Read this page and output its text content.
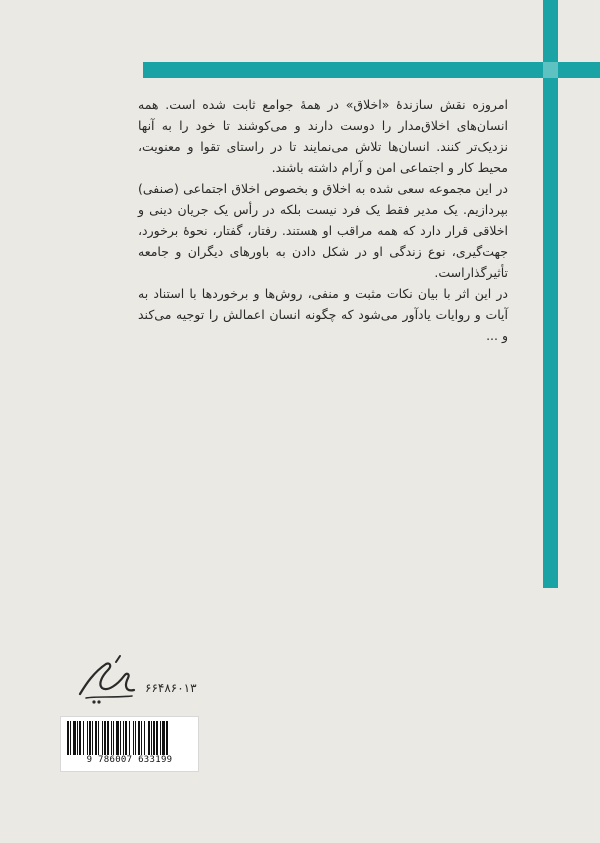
امروزه نقش سازندۀ «اخلاق» در همۀ جوامع ثابت شده است. همه انسان‌های اخلاق‌مدار را دوست دارند و می‌کوشند تا خود را به آنها نزدیک‌تر کنند. انسان‌ها تلاش می‌نمایند تا در راستای تقوا و معنویت، محیط کار و اجتماعی امن و آرام داشته باشند.

در این مجموعه سعی شده به اخلاق و بخصوص اخلاق اجتماعی (صنفی) بپردازیم. یک مدیر فقط یک فرد نیست بلکه در رأس یک جریان دینی و اخلاقی قرار دارد که همه مراقب او هستند. رفتار، گفتار، نحوۀ برخورد، جهت‌گیری، نوع زندگی او در شکل دادن به باورهای دیگران و جامعه تأثیرگذاراست.

در این اثر با بیان نکات مثبت و منفی، روش‌ها و برخوردها با استناد به آیات و روایات یادآور می‌شود که چگونه انسان اعمالش را توجیه می‌کند و ...

۶۶۴۸۶۰۱۳
9 786007 633199
